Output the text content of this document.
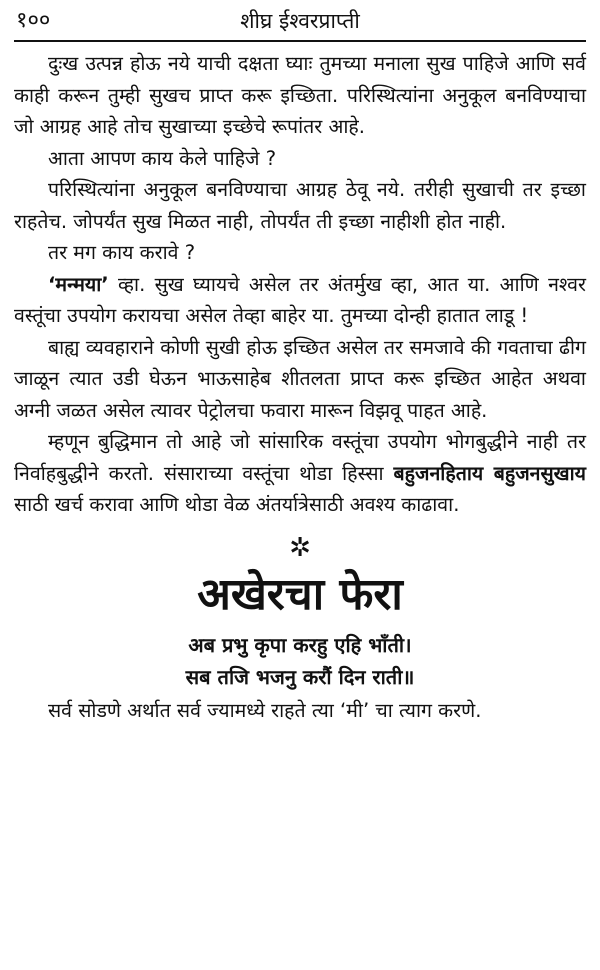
१००	शीघ्र ईश्वरप्राप्ती

दुःख उत्पन्न होऊ नये याची दक्षता घ्याः तुमच्या मनाला सुख पाहिजे आणि सर्व काही करून तुम्ही सुखच प्राप्त करू इच्छिता. परिस्थित्यांना अनुकूल बनविण्याचा जो आग्रह आहे तोच सुखाच्या इच्छेचे रूपांतर आहे.

आता आपण काय केले पाहिजे ?

परिस्थित्यांना अनुकूल बनविण्याचा आग्रह ठेवू नये. तरीही सुखाची तर इच्छा राहतेच. जोपर्यंत सुख मिळत नाही, तोपर्यंत ती इच्छा नाहीशी होत नाही.

तर मग काय करावे ?

‘मन्मया’ व्हा. सुख घ्यायचे असेल तर अंतर्मुख व्हा, आत या. आणि नश्वर वस्तूंचा उपयोग करायचा असेल तेव्हा बाहेर या. तुमच्या दोन्ही हातात लाडू !

बाह्य व्यवहाराने कोणी सुखी होऊ इच्छित असेल तर समजावे की गवताचा ढीग जाळून त्यात उडी घेऊन भाऊसाहेब शीतलता प्राप्त करू इच्छित आहेत अथवा अग्नी जळत असेल त्यावर पेट्रोलचा फवारा मारून विझवू पाहत आहे.

म्हणून बुद्धिमान तो आहे जो सांसारिक वस्तूंचा उपयोग भोगबुद्धीने नाही तर निर्वाहबुद्धीने करतो. संसाराच्या वस्तूंचा थोडा हिस्सा बहुजनहिताय बहुजनसुखाय साठी खर्च करावा आणि थोडा वेळ अंतर्यात्रेसाठी अवश्य काढावा.

✲
अखेरचा फेरा
अब प्रभु कृपा करहु एहि भाँती।
सब तजि भजनु करौं दिन राती॥

सर्व सोडणे अर्थात सर्व ज्यामध्ये राहते त्या ‘मी’ चा त्याग करणे.
